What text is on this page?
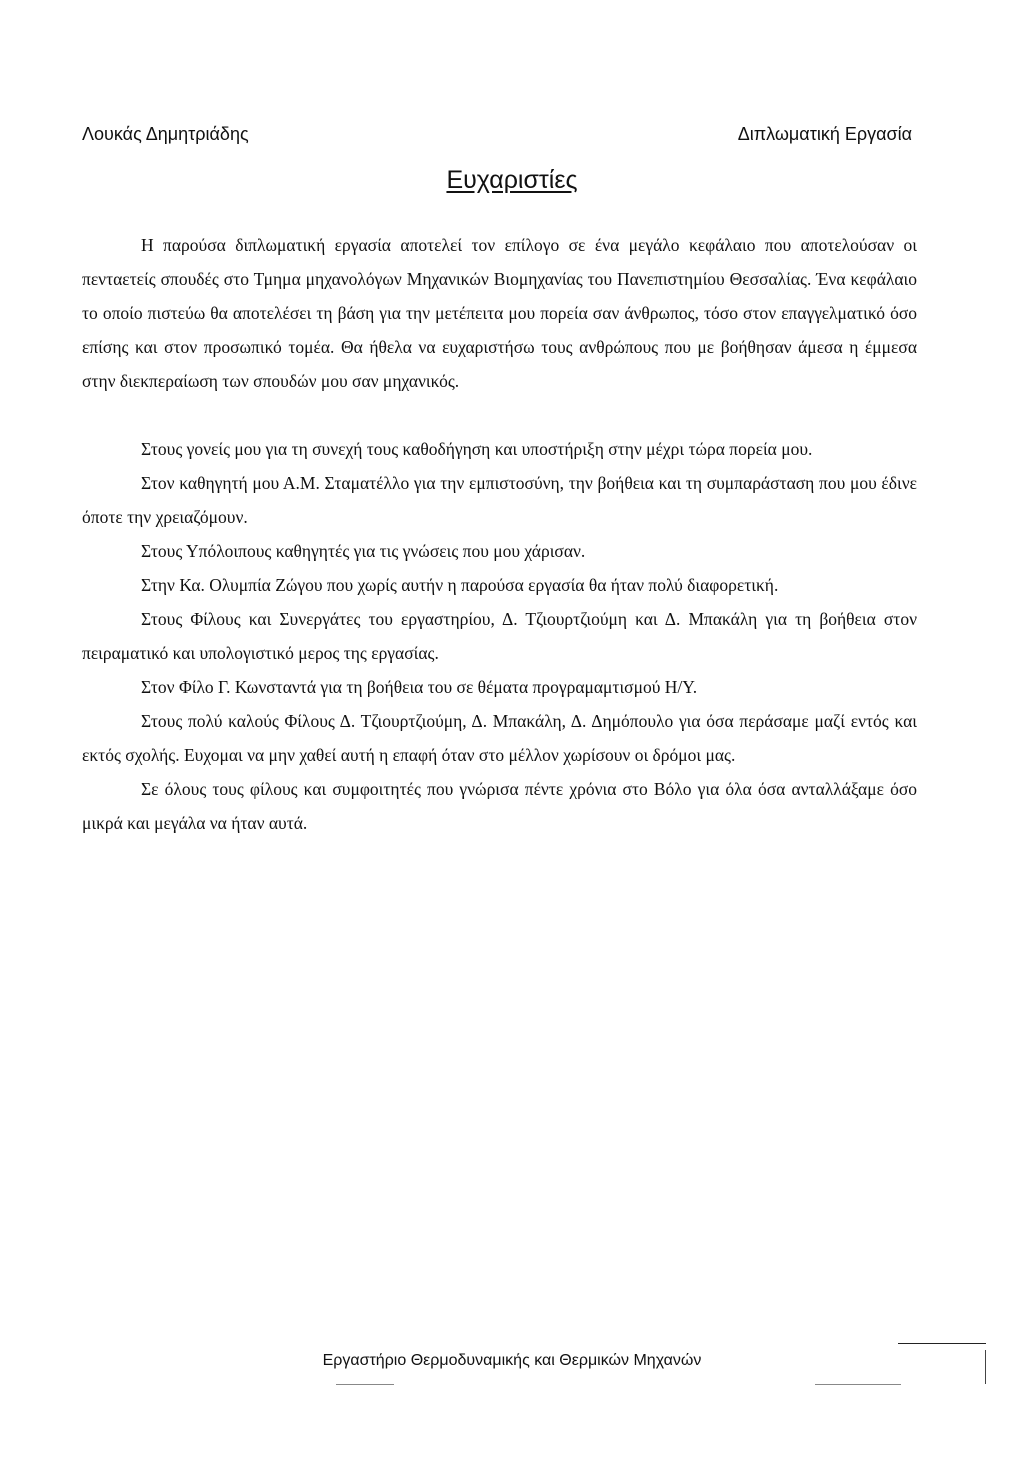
Λουκάς Δημητριάδης	Διπλωματική Εργασία
Ευχαριστίες

Η παρούσα διπλωματική εργασία αποτελεί τον επίλογο σε ένα μεγάλο κεφάλαιο που αποτελούσαν οι πενταετείς σπουδές στο Τμημα μηχανολόγων Μηχανικών Βιομηχανίας του Πανεπιστημίου Θεσσαλίας. Ένα κεφάλαιο το οποίο πιστεύω θα αποτελέσει τη βάση για την μετέπειτα μου πορεία σαν άνθρωπος, τόσο στον επαγγελματικό όσο επίσης και στον προσωπικό τομέα. Θα ήθελα να ευχαριστήσω τους ανθρώπους που με βοήθησαν άμεσα η έμμεσα στην διεκπεραίωση των σπουδών μου σαν μηχανικός.

Στους γονείς μου για τη συνεχή τους καθοδήγηση και υποστήριξη στην μέχρι τώρα πορεία μου.

Στον καθηγητή μου Α.Μ. Σταματέλλο για την εμπιστοσύνη, την βοήθεια και τη συμπαράσταση που μου έδινε όποτε την χρειαζόμουν.

Στους Υπόλοιπους καθηγητές για τις γνώσεις που μου χάρισαν.

Στην Κα. Ολυμπία Ζώγου που χωρίς αυτήν η παρούσα εργασία θα ήταν πολύ διαφορετική.

Στους Φίλους και Συνεργάτες του εργαστηρίου, Δ. Τζιουρτζιούμη και Δ. Μπακάλη για τη βοήθεια στον πειραματικό και υπολογιστικό μερος της εργασίας.

Στον Φίλο Γ. Κωνσταντά για τη βοήθεια του σε θέματα προγραμαμτισμού Η/Υ.

Στους πολύ καλούς Φίλους Δ. Τζιουρτζιούμη, Δ. Μπακάλη, Δ. Δημόπουλο για όσα περάσαμε μαζί εντός και εκτός σχολής. Ευχομαι να μην χαθεί αυτή η επαφή όταν στο μέλλον χωρίσουν οι δρόμοι μας.

Σε όλους τους φίλους και συμφοιτητές που γνώρισα πέντε χρόνια στο Βόλο για όλα όσα ανταλλάξαμε όσο μικρά και μεγάλα να ήταν αυτά.

Εργαστήριο Θερμοδυναμικής και Θερμικών Μηχανών
